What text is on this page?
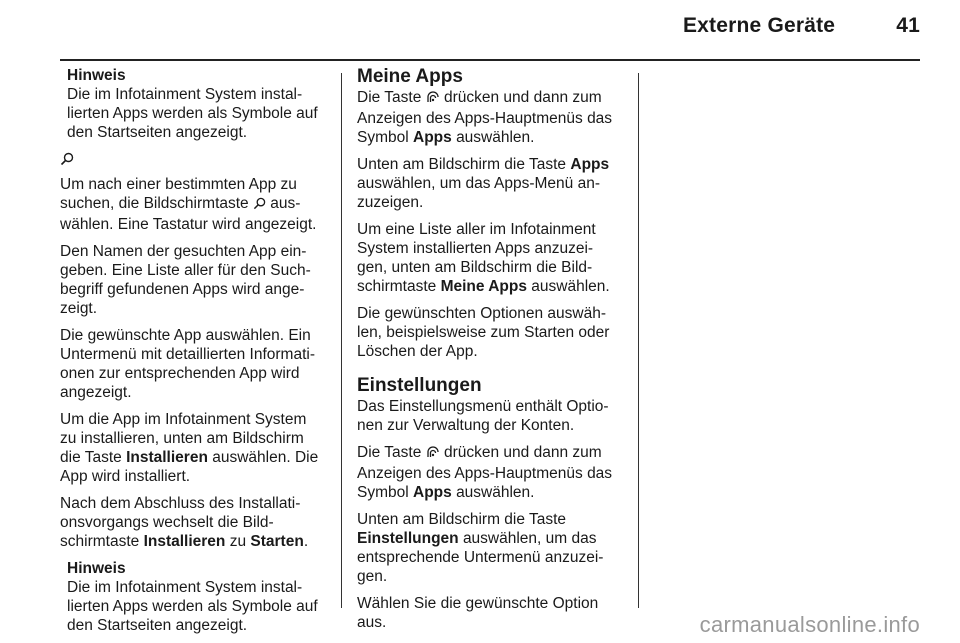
Externe Geräte	41
Hinweis
Die im Infotainment System instal-
lierten Apps werden als Symbole auf
den Startseiten angezeigt.

Um nach einer bestimmten App zu
suchen, die Bildschirmtaste aus-
wählen. Eine Tastatur wird angezeigt.

Den Namen der gesuchten App ein-
geben. Eine Liste aller für den Such-
begriff gefundenen Apps wird ange-
zeigt.

Die gewünschte App auswählen. Ein
Untermenü mit detaillierten Informati-
onen zur entsprechenden App wird
angezeigt.

Um die App im Infotainment System
zu installieren, unten am Bildschirm
die Taste Installieren auswählen. Die
App wird installiert.

Nach dem Abschluss des Installati-
onsvorgangs wechselt die Bild-
schirmtaste Installieren zu Starten.

Hinweis
Die im Infotainment System instal-
lierten Apps werden als Symbole auf
den Startseiten angezeigt.
Meine Apps

Die Taste drücken und dann zum
Anzeigen des Apps-Hauptmenüs das
Symbol Apps auswählen.

Unten am Bildschirm die Taste Apps
auswählen, um das Apps-Menü an-
zuzeigen.

Um eine Liste aller im Infotainment
System installierten Apps anzuzei-
gen, unten am Bildschirm die Bild-
schirmtaste Meine Apps auswählen.

Die gewünschten Optionen auswäh-
len, beispielsweise zum Starten oder
Löschen der App.

Einstellungen

Das Einstellungsmenü enthält Optio-
nen zur Verwaltung der Konten.

Die Taste drücken und dann zum
Anzeigen des Apps-Hauptmenüs das
Symbol Apps auswählen.

Unten am Bildschirm die Taste
Einstellungen auswählen, um das
entsprechende Untermenü anzuzei-
gen.

Wählen Sie die gewünschte Option
aus.	carmanualsonline.info
